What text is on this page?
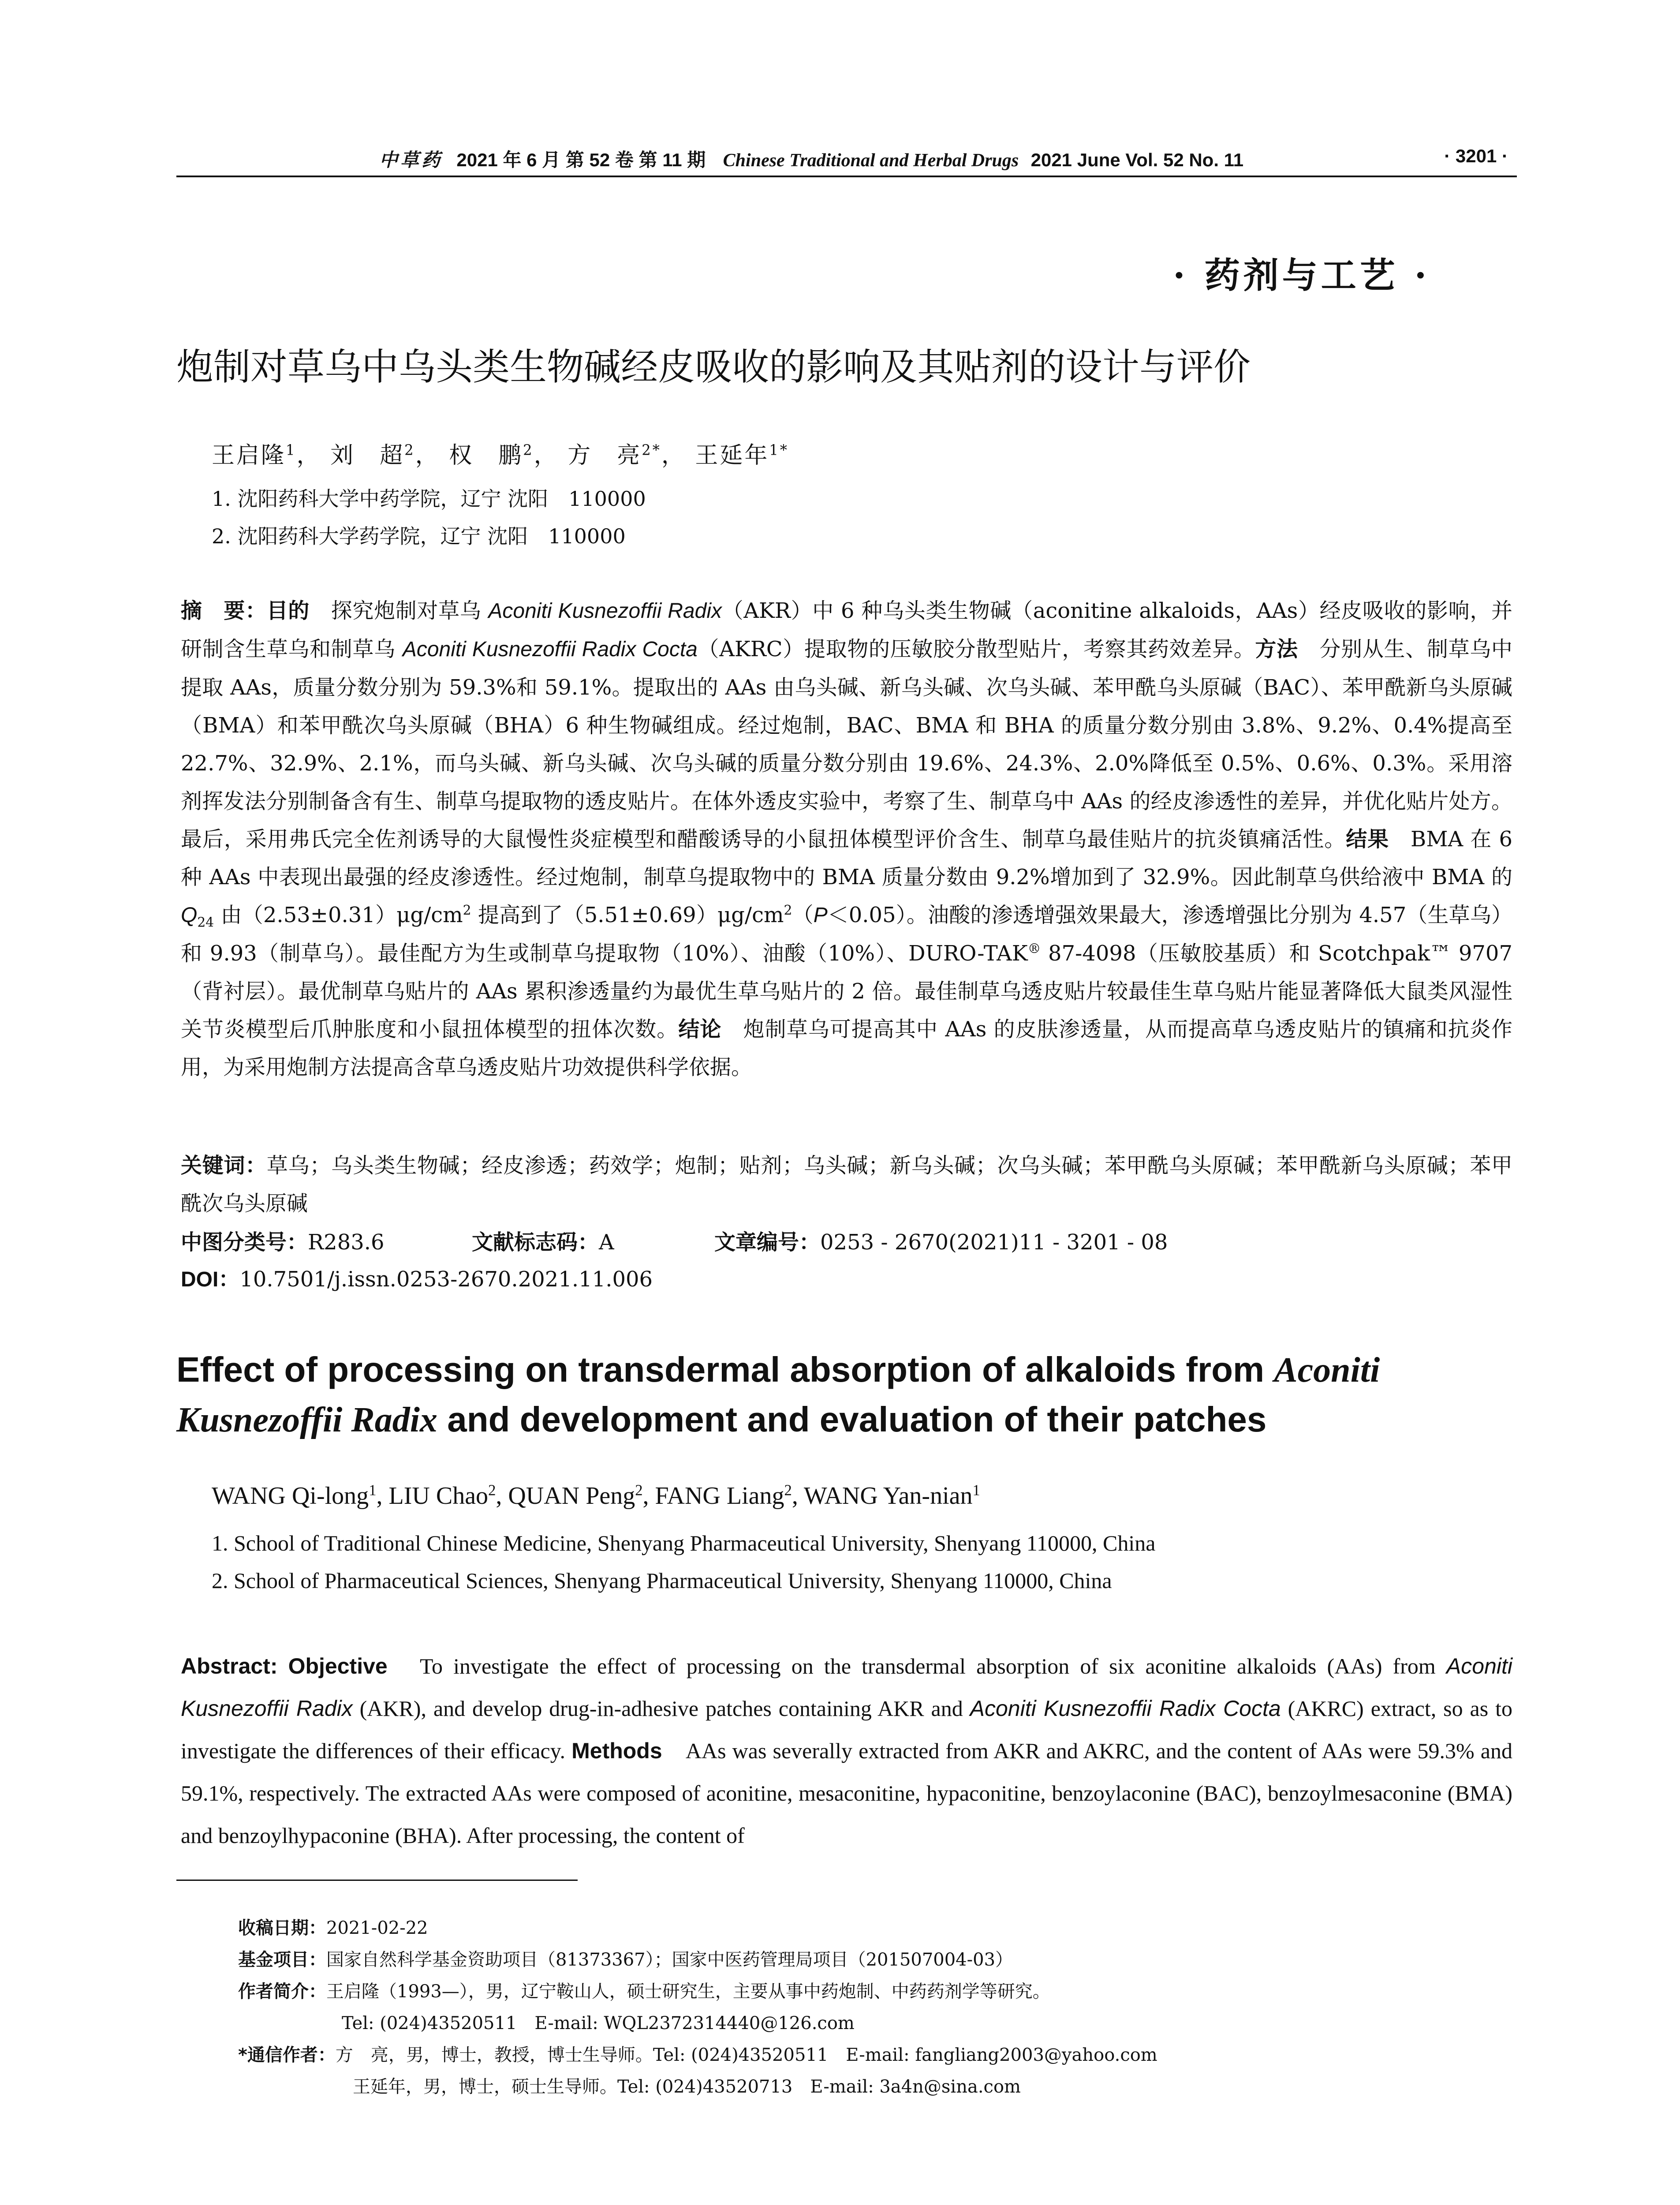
中草药 2021 年 6 月 第 52 卷 第 11 期 Chinese Traditional and Herbal Drugs 2021 June Vol. 52 No. 11	· 3201 ·
· 药剂与工艺 ·
炮制对草乌中乌头类生物碱经皮吸收的影响及其贴剂的设计与评价
王启隆$^1$， 刘　超$^2$， 权　鹏$^2$， 方　亮$^{2*}$， 王延年$^{1*}$
1. 沈阳药科大学中药学院，辽宁 沈阳　110000
2. 沈阳药科大学药学院，辽宁 沈阳　110000
摘　要：目的　探究炮制对草乌 Aconiti Kusnezoffii Radix（AKR）中 6 种乌头类生物碱（aconitine alkaloids，AAs）经皮吸收的影响，并研制含生草乌和制草乌 Aconiti Kusnezoffii Radix Cocta（AKRC）提取物的压敏胶分散型贴片，考察其药效差异。方法　分别从生、制草乌中提取 AAs，质量分数分别为 59.3%和 59.1%。提取出的 AAs 由乌头碱、新乌头碱、次乌头碱、苯甲酰乌头原碱（BAC）、苯甲酰新乌头原碱（BMA）和苯甲酰次乌头原碱（BHA）6 种生物碱组成。经过炮制，BAC、BMA 和 BHA 的质量分数分别由 3.8%、9.2%、0.4%提高至 22.7%、32.9%、2.1%，而乌头碱、新乌头碱、次乌头碱的质量分数分别由 19.6%、24.3%、2.0%降低至 0.5%、0.6%、0.3%。采用溶剂挥发法分别制备含有生、制草乌提取物的透皮贴片。在体外透皮实验中，考察了生、制草乌中 AAs 的经皮渗透性的差异，并优化贴片处方。最后，采用弗氏完全佐剂诱导的大鼠慢性炎症模型和醋酸诱导的小鼠扭体模型评价含生、制草乌最佳贴片的抗炎镇痛活性。结果　BMA 在 6 种 AAs 中表现出最强的经皮渗透性。经过炮制，制草乌提取物中的 BMA 质量分数由 9.2%增加到了 32.9%。因此制草乌供给液中 BMA 的 $Q_{24}$ 由$(2.53\pm 0.31)\mu g/cm^2$ 提高到了$(5.51\pm 0.69)\mu g/cm^2(P<0.05)$。油酸的渗透增强效果最大，渗透增强比分别为 4.57（生草乌）和 9.93（制草乌）。最佳配方为生或制草乌提取物（10%）、油酸（10%）、DURO-TAK® 87-4098（压敏胶基质）和 Scotchpak™ 9707（背衬层）。最优制草乌贴片的 AAs 累积渗透量约为最优生草乌贴片的 2 倍。最佳制草乌透皮贴片较最佳生草乌贴片能显著降低大鼠类风湿性关节炎模型后爪肿胀度和小鼠扭体模型的扭体次数。结论　炮制草乌可提高其中 AAs 的皮肤渗透量，从而提高草乌透皮贴片的镇痛和抗炎作用，为采用炮制方法提高含草乌透皮贴片功效提供科学依据。
关键词：草乌；乌头类生物碱；经皮渗透；药效学；炮制；贴剂；乌头碱；新乌头碱；次乌头碱；苯甲酰乌头原碱；苯甲酰新乌头原碱；苯甲酰次乌头原碱
中图分类号：R283.6	文献标志码：A	文章编号：0253 - 2670(2021)11 - 3201 - 08
DOI：10.7501/j.issn.0253-2670.2021.11.006
Effect of processing on transdermal absorption of alkaloids from Aconiti Kusnezoffii Radix and development and evaluation of their patches
WANG Qi-long$^1$, LIU Chao$^2$, QUAN Peng$^2$, FANG Liang$^2$, WANG Yan-nian$^1$
1. School of Traditional Chinese Medicine, Shenyang Pharmaceutical University, Shenyang 110000, China
2. School of Pharmaceutical Sciences, Shenyang Pharmaceutical University, Shenyang 110000, China
Abstract: Objective　To investigate the effect of processing on the transdermal absorption of six aconitine alkaloids (AAs) from Aconiti Kusnezoffii Radix (AKR), and develop drug-in-adhesive patches containing AKR and Aconiti Kusnezoffii Radix Cocta (AKRC) extract, so as to investigate the differences of their efficacy. Methods　AAs was severally extracted from AKR and AKRC, and the content of AAs were 59.3% and 59.1%, respectively. The extracted AAs were composed of aconitine, mesaconitine, hypaconitine, benzoylaconine (BAC), benzoylmesaconine (BMA) and benzoylhypaconine (BHA). After processing, the content of
收稿日期：2021-02-22
基金项目：国家自然科学基金资助项目（81373367）；国家中医药管理局项目（201507004-03）
作者简介：王启隆（1993—），男，辽宁鞍山人，硕士研究生，主要从事中药炮制、中药药剂学等研究。
Tel: (024)43520511　E-mail: WQL2372314440@126.com
*通信作者：方　亮，男，博士，教授，博士生导师。Tel: (024)43520511　E-mail: fangliang2003@yahoo.com
王延年，男，博士，硕士生导师。Tel: (024)43520713　E-mail: 3a4n@sina.com
